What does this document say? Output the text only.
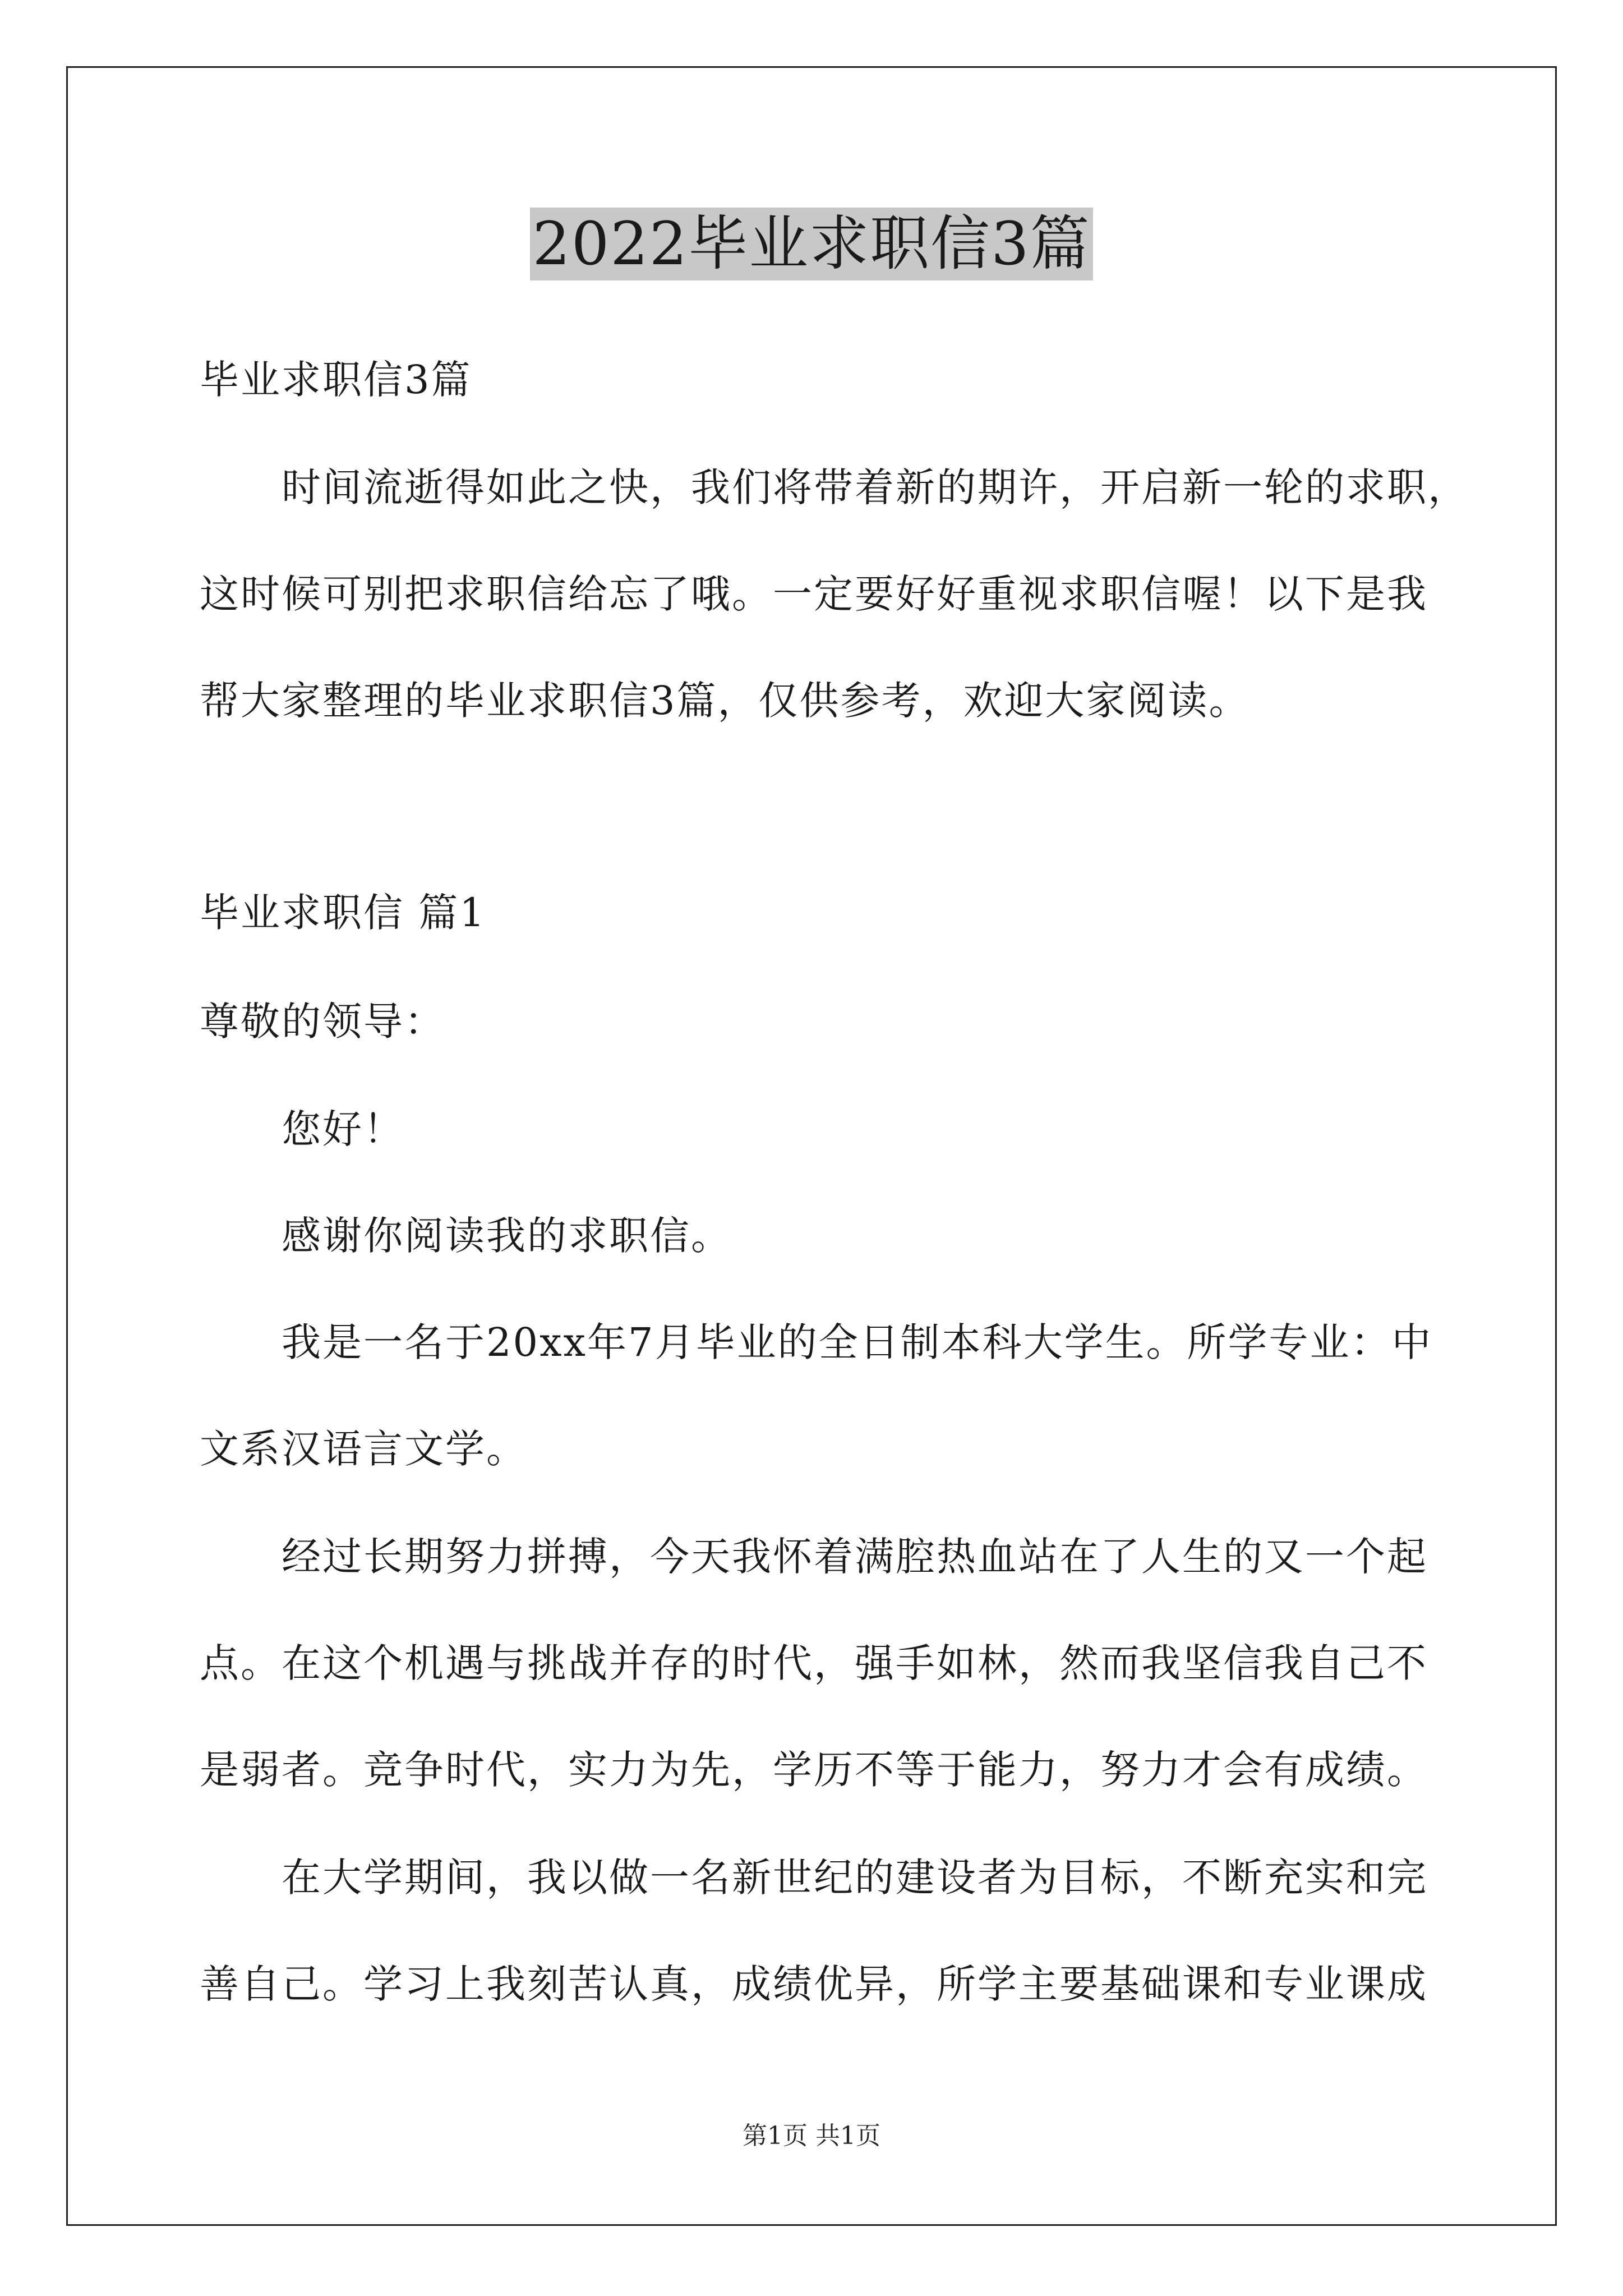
2022毕业求职信3篇
毕业求职信3篇
时间流逝得如此之快，我们将带着新的期许，开启新一轮的求职，
这时候可别把求职信给忘了哦。一定要好好重视求职信喔！以下是我
帮大家整理的毕业求职信3篇，仅供参考，欢迎大家阅读。
毕业求职信 篇1
尊敬的领导：
您好！
感谢你阅读我的求职信。
我是一名于20xx年7月毕业的全日制本科大学生。所学专业：中
文系汉语言文学。
经过长期努力拼搏，今天我怀着满腔热血站在了人生的又一个起
点。在这个机遇与挑战并存的时代，强手如林，然而我坚信我自己不
是弱者。竞争时代，实力为先，学历不等于能力，努力才会有成绩。
在大学期间，我以做一名新世纪的建设者为目标，不断充实和完
善自己。学习上我刻苦认真，成绩优异，所学主要基础课和专业课成
第1页 共1页
